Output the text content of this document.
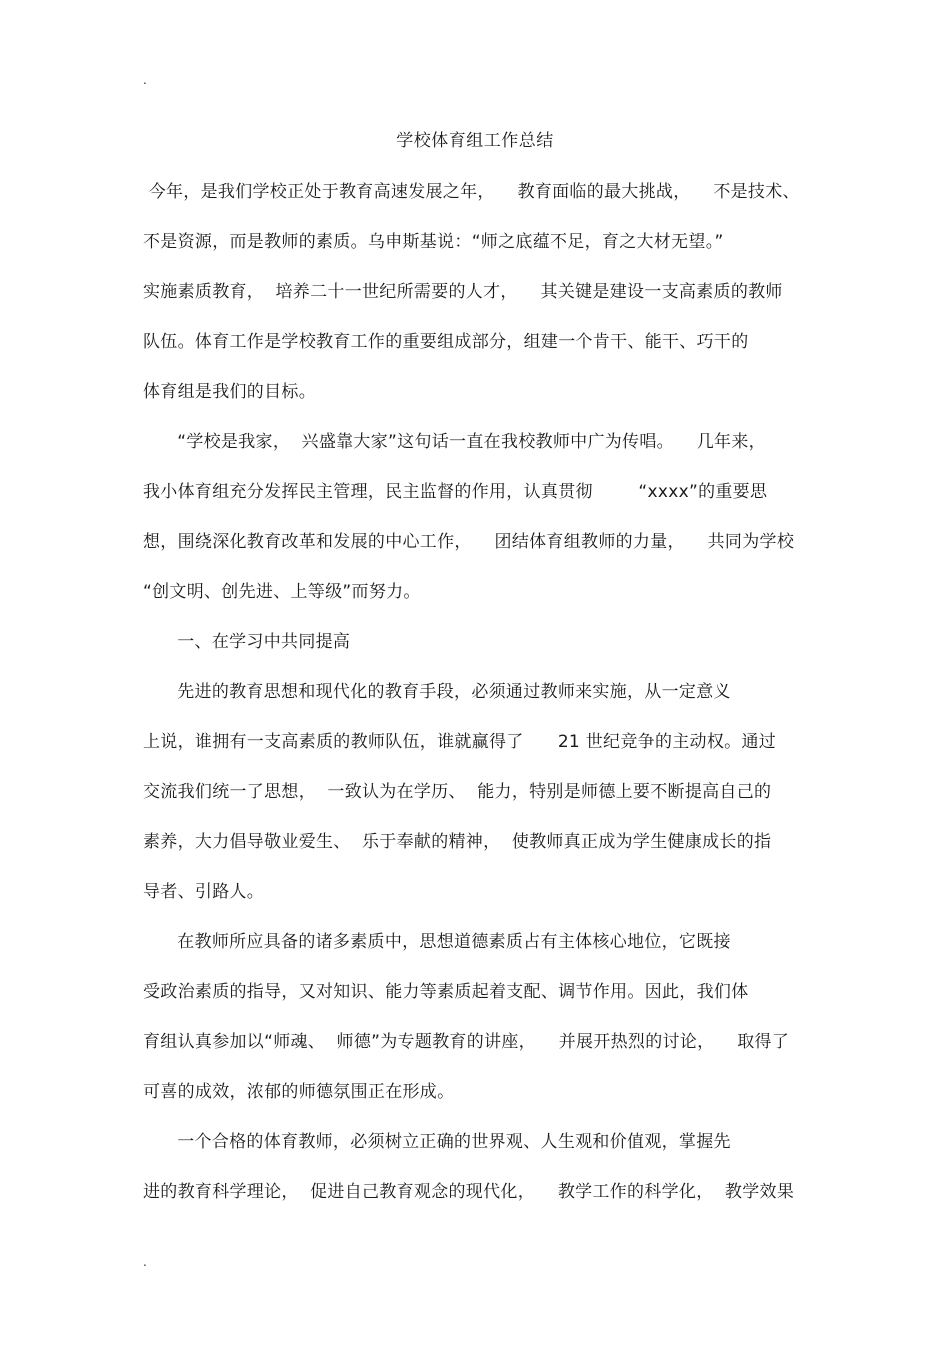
.
学校体育组工作总结
今年，是我们学校正处于教育高速发展之年，    教育面临的最大挑战，    不是技术、
不是资源，而是教师的素质。乌申斯基说：“师之底蕴不足，育之大材无望。”
实施素质教育，  培养二十一世纪所需要的人才，    其关键是建设一支高素质的教师
队伍。体育工作是学校教育工作的重要组成部分，组建一个肯干、能干、巧干的
体育组是我们的目标。
“学校是我家，  兴盛靠大家”这句话一直在我校教师中广为传唱。    几年来，
我小体育组充分发挥民主管理，民主监督的作用，认真贯彻        “xxxx”的重要思
想，围绕深化教育改革和发展的中心工作，    团结体育组教师的力量，    共同为学校
“创文明、创先进、上等级”而努力。
一、在学习中共同提高
先进的教育思想和现代化的教育手段，必须通过教师来实施，从一定意义
上说，谁拥有一支高素质的教师队伍，谁就赢得了      21 世纪竞争的主动权。通过
交流我们统一了思想，  一致认为在学历、  能力，特别是师德上要不断提高自己的
素养，大力倡导敬业爱生、  乐于奉献的精神，  使教师真正成为学生健康成长的指
导者、引路人。
在教师所应具备的诸多素质中，思想道德素质占有主体核心地位，它既接
受政治素质的指导，又对知识、能力等素质起着支配、调节作用。因此，我们体
育组认真参加以“师魂、  师德”为专题教育的讲座，    并展开热烈的讨论，    取得了
可喜的成效，浓郁的师德氛围正在形成。
一个合格的体育教师，必须树立正确的世界观、人生观和价值观，掌握先
进的教育科学理论，  促进自己教育观念的现代化，    教学工作的科学化，  教学效果
.
